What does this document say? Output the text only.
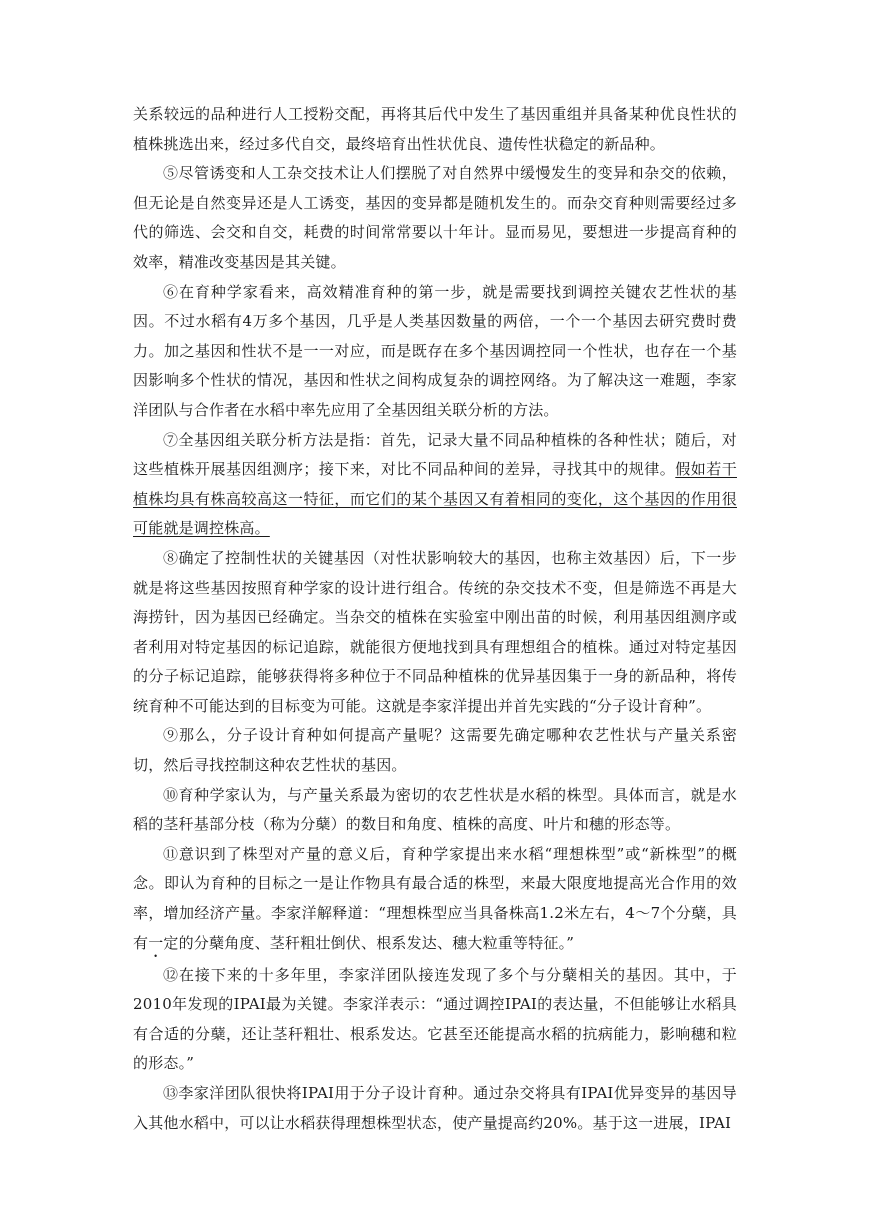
关系较远的品种进行人工授粉交配，再将其后代中发生了基因重组并具备某种优良性状的植株挑选出来，经过多代自交，最终培育出性状优良、遗传性状稳定的新品种。

⑤尽管诱变和人工杂交技术让人们摆脱了对自然界中缓慢发生的变异和杂交的依赖，但无论是自然变异还是人工诱变，基因的变异都是随机发生的。而杂交育种则需要经过多代的筛选、会交和自交，耗费的时间常常要以十年计。显而易见，要想进一步提高育种的效率，精准改变基因是其关键。

⑥在育种学家看来，高效精准育种的第一步，就是需要找到调控关键农艺性状的基因。不过水稻有4万多个基因，几乎是人类基因数量的两倍，一个一个基因去研究费时费力。加之基因和性状不是一一对应，而是既存在多个基因调控同一个性状，也存在一个基因影响多个性状的情况，基因和性状之间构成复杂的调控网络。为了解决这一难题，李家洋团队与合作者在水稻中率先应用了全基因组关联分析的方法。

⑦全基因组关联分析方法是指：首先，记录大量不同品种植株的各种性状；随后，对这些植株开展基因组测序；接下来，对比不同品种间的差异，寻找其中的规律。假如若干植株均具有株高较高这一特征，而它们的某个基因又有着相同的变化，这个基因的作用很可能就是调控株高。

⑧确定了控制性状的关键基因（对性状影响较大的基因，也称主效基因）后，下一步就是将这些基因按照育种学家的设计进行组合。传统的杂交技术不变，但是筛选不再是大海捞针，因为基因已经确定。当杂交的植株在实验室中刚出苗的时候，利用基因组测序或者利用对特定基因的标记追踪，就能很方便地找到具有理想组合的植株。通过对特定基因的分子标记追踪，能够获得将多种位于不同品种植株的优异基因集于一身的新品种，将传统育种不可能达到的目标变为可能。这就是李家洋提出并首先实践的“分子设计育种”。

⑨那么，分子设计育种如何提高产量呢？这需要先确定哪种农艺性状与产量关系密切，然后寻找控制这种农艺性状的基因。

⑩育种学家认为，与产量关系最为密切的农艺性状是水稻的株型。具体而言，就是水稻的茎秆基部分枝（称为分蘖）的数目和角度、植株的高度、叶片和穗的形态等。

⑪意识到了株型对产量的意义后，育种学家提出来水稻“理想株型”或“新株型”的概念。即认为育种的目标之一是让作物具有最合适的株型，来最大限度地提高光合作用的效率，增加经济产量。李家洋解释道：“理想株型应当具备株高1.2米左右，4～7个分蘖，具有一定的分蘖角度、茎秆粗壮倒伏、根系发达、穗大粒重等特征。”

⑫在接下来的十多年里，李家洋团队接连发现了多个与分蘖相关的基因。其中，于2010年发现的IPAI最为关键。李家洋表示：“通过调控IPAI的表达量，不但能够让水稻具有合适的分蘖，还让茎秆粗壮、根系发达。它甚至还能提高水稻的抗病能力，影响穗和粒的形态。”

⑬李家洋团队很快将IPAI用于分子设计育种。通过杂交将具有IPAI优异变异的基因导入其他水稻中，可以让水稻获得理想株型状态，使产量提高约20%。基于这一进展，IPAI
